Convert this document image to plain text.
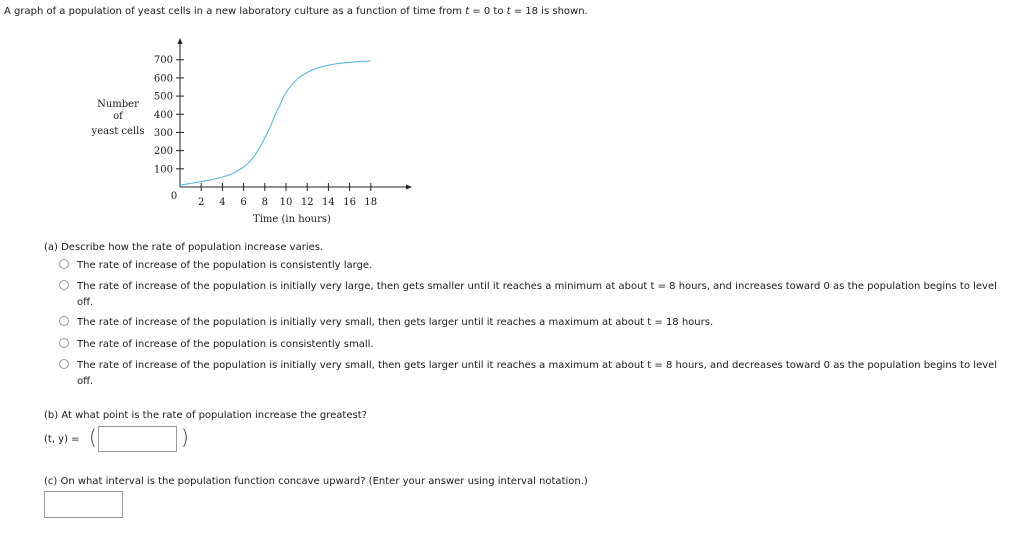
A graph of a population of yeast cells in a new laboratory culture as a function of time from t = 0 to t = 18 is shown.
Number
of
yeast cells
0
2 4 6 8 10 12 14 16 18
100
200
300
400
500
600
700
Time (in hours)
(a) Describe how the rate of population increase varies.
The rate of increase of the population is consistently large.
The rate of increase of the population is initially very large, then gets smaller until it reaches a minimum at about t = 8 hours, and increases toward 0 as the population begins to level off.
The rate of increase of the population is initially very small, then gets larger until it reaches a maximum at about t = 18 hours.
The rate of increase of the population is consistently small.
The rate of increase of the population is initially very small, then gets larger until it reaches a maximum at about t = 8 hours, and decreases toward 0 as the population begins to level off.
(b) At what point is the rate of population increase the greatest?
(t, y) = (	)
(c) On what interval is the population function concave upward? (Enter your answer using interval notation.)
